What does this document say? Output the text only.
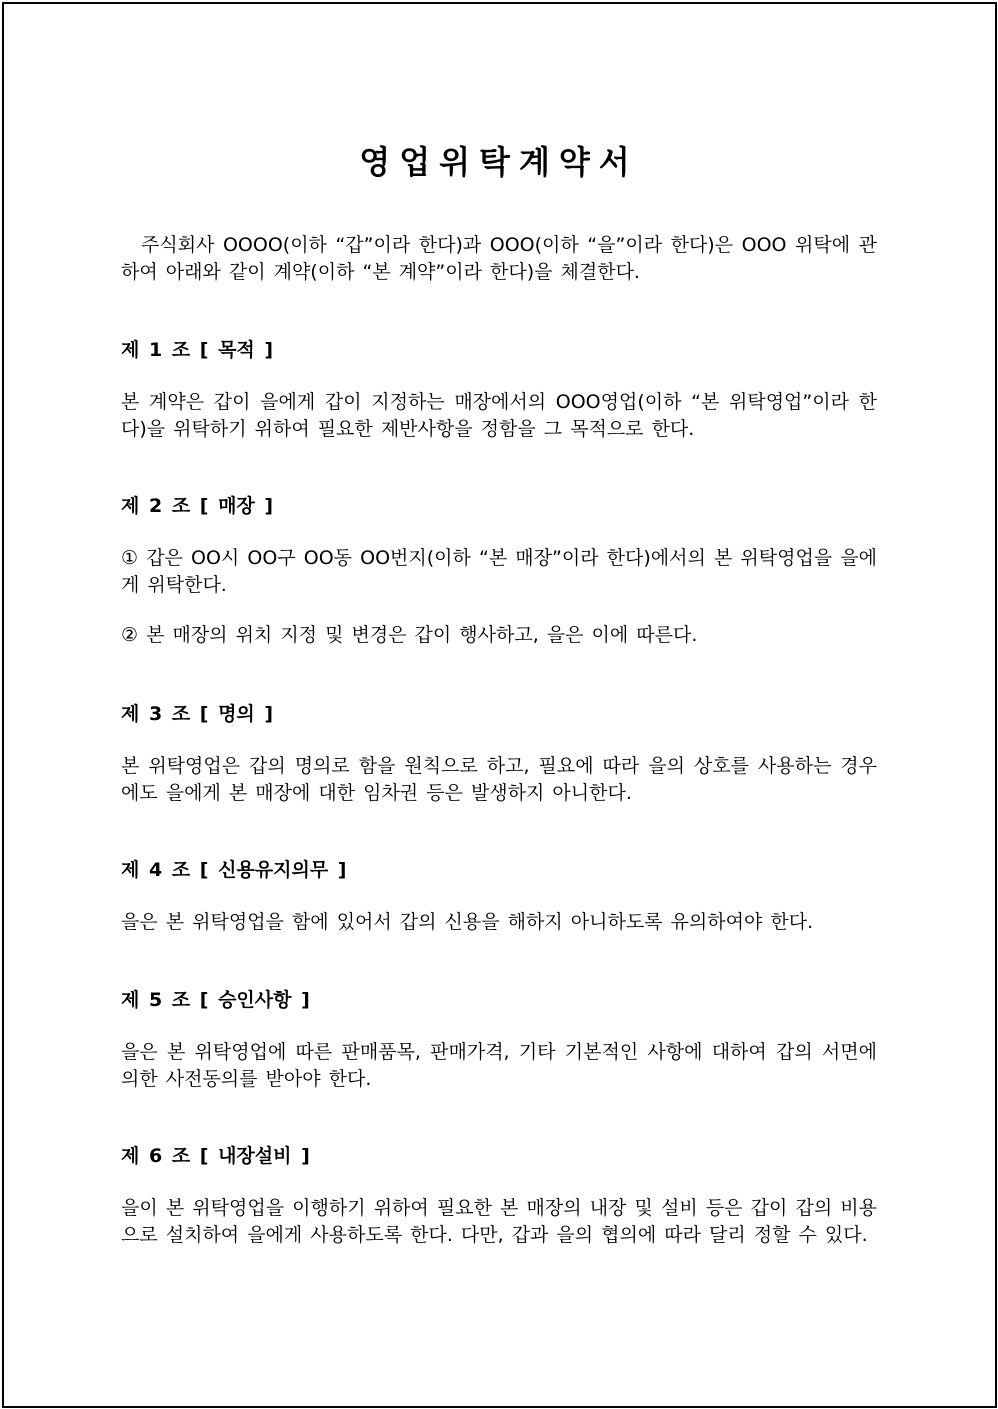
영업위탁계약서

주식회사 OOOO(이하 “갑”이라 한다)과 OOO(이하 “을”이라 한다)은 OOO 위탁에 관하여 아래와 같이 계약(이하 “본 계약”이라 한다)을 체결한다.

제 1 조 [ 목적 ]

본 계약은 갑이 을에게 갑이 지정하는 매장에서의 OOO영업(이하 “본 위탁영업”이라 한다)을 위탁하기 위하여 필요한 제반사항을 정함을 그 목적으로 한다.

제 2 조 [ 매장 ]

① 갑은 OO시 OO구 OO동 OO번지(이하 “본 매장”이라 한다)에서의 본 위탁영업을 을에게 위탁한다.

② 본 매장의 위치 지정 및 변경은 갑이 행사하고, 을은 이에 따른다.

제 3 조 [ 명의 ]

본 위탁영업은 갑의 명의로 함을 원칙으로 하고, 필요에 따라 을의 상호를 사용하는 경우에도 을에게 본 매장에 대한 임차권 등은 발생하지 아니한다.

제 4 조 [ 신용유지의무 ]

을은 본 위탁영업을 함에 있어서 갑의 신용을 해하지 아니하도록 유의하여야 한다.

제 5 조 [ 승인사항 ]

을은 본 위탁영업에 따른 판매품목, 판매가격, 기타 기본적인 사항에 대하여 갑의 서면에 의한 사전동의를 받아야 한다.

제 6 조 [ 내장설비 ]

을이 본 위탁영업을 이행하기 위하여 필요한 본 매장의 내장 및 설비 등은 갑이 갑의 비용으로 설치하여 을에게 사용하도록 한다. 다만, 갑과 을의 협의에 따라 달리 정할 수 있다.
